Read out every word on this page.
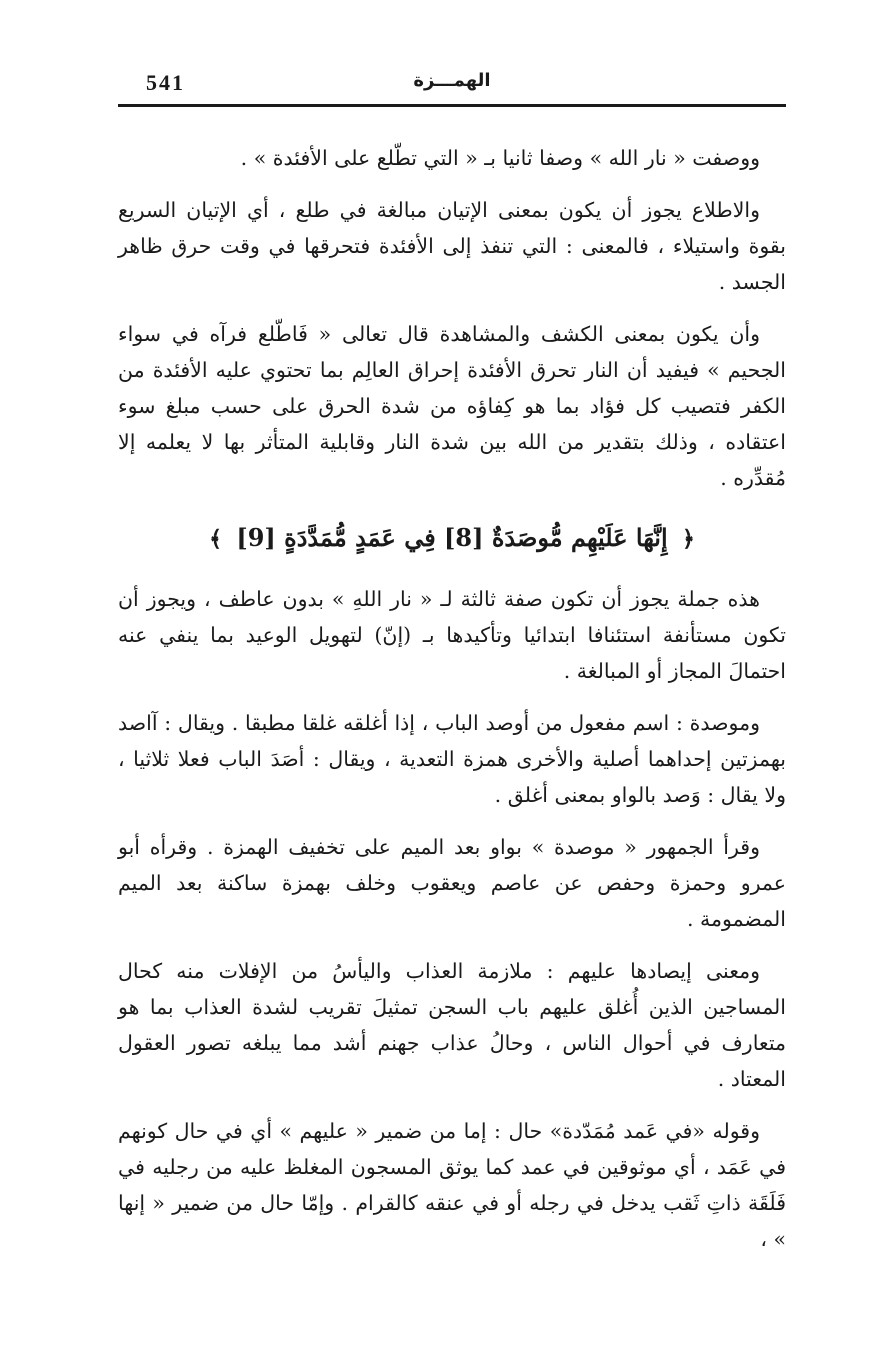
541	الهمـــزة

ووصفت « نار الله » وصفا ثانيا بـ « التي تطّلع على الأفئدة » .

والاطلاع يجوز أن يكون بمعنى الإتيان مبالغة في طلع ، أي الإتيان السريع بقوة واستيلاء ، فالمعنى : التي تنفذ إلى الأفئدة فتحرقها في وقت حرق ظاهر الجسد .

وأن يكون بمعنى الكشف والمشاهدة قال تعالى « فَاطّلع فرآه في سواء الجحيم » فيفيد أن النار تحرق الأفئدة إحراق العالِم بما تحتوي عليه الأفئدة من الكفر فتصيب كل فؤاد بما هو كِفاؤه من شدة الحرق على حسب مبلغ سوء اعتقاده ، وذلك بتقدير من الله بين شدة النار وقابلية المتأثر بها لا يعلمه إلا مُقدِّره .

﴿ إِنَّهَا عَلَيْهِم مُّوصَدَةٌ [8] فِي عَمَدٍ مُّمَدَّدَةٍ [9] ﴾

هذه جملة يجوز أن تكون صفة ثالثة لـ « نار اللهِ » بدون عاطف ، ويجوز أن تكون مستأنفة استئنافا ابتدائيا وتأكيدها بـ (إنّ) لتهويل الوعيد بما ينفي عنه احتمالَ المجاز أو المبالغة .

وموصدة : اسم مفعول من أوصد الباب ، إذا أغلقه غلقا مطبقا . ويقال : آاصد بهمزتين إحداهما أصلية والأخرى همزة التعدية ، ويقال : أصَدَ الباب فعلا ثلاثيا ، ولا يقال : وَصد بالواو بمعنى أغلق .

وقرأ الجمهور « موصدة » بواو بعد الميم على تخفيف الهمزة . وقرأه أبو عمرو وحمزة وحفص عن عاصم ويعقوب وخلف بهمزة ساكنة بعد الميم المضمومة .

ومعنى إيصادها عليهم : ملازمة العذاب واليأسُ من الإفلات منه كحال المساجين الذين أُغلق عليهم باب السجن تمثيلَ تقريب لشدة العذاب بما هو متعارف في أحوال الناس ، وحالُ عذاب جهنم أشد مما يبلغه تصور العقول المعتاد .

وقوله «في عَمد مُمَدّدة» حال : إما من ضمير « عليهم » أي في حال كونهم في عَمَد ، أي موثوقين في عمد كما يوثق المسجون المغلظ عليه من رجليه في فَلَقَة ذاتِ ثَقب يدخل في رجله أو في عنقه كالقرام . وإمّا حال من ضمير « إنها » ،
